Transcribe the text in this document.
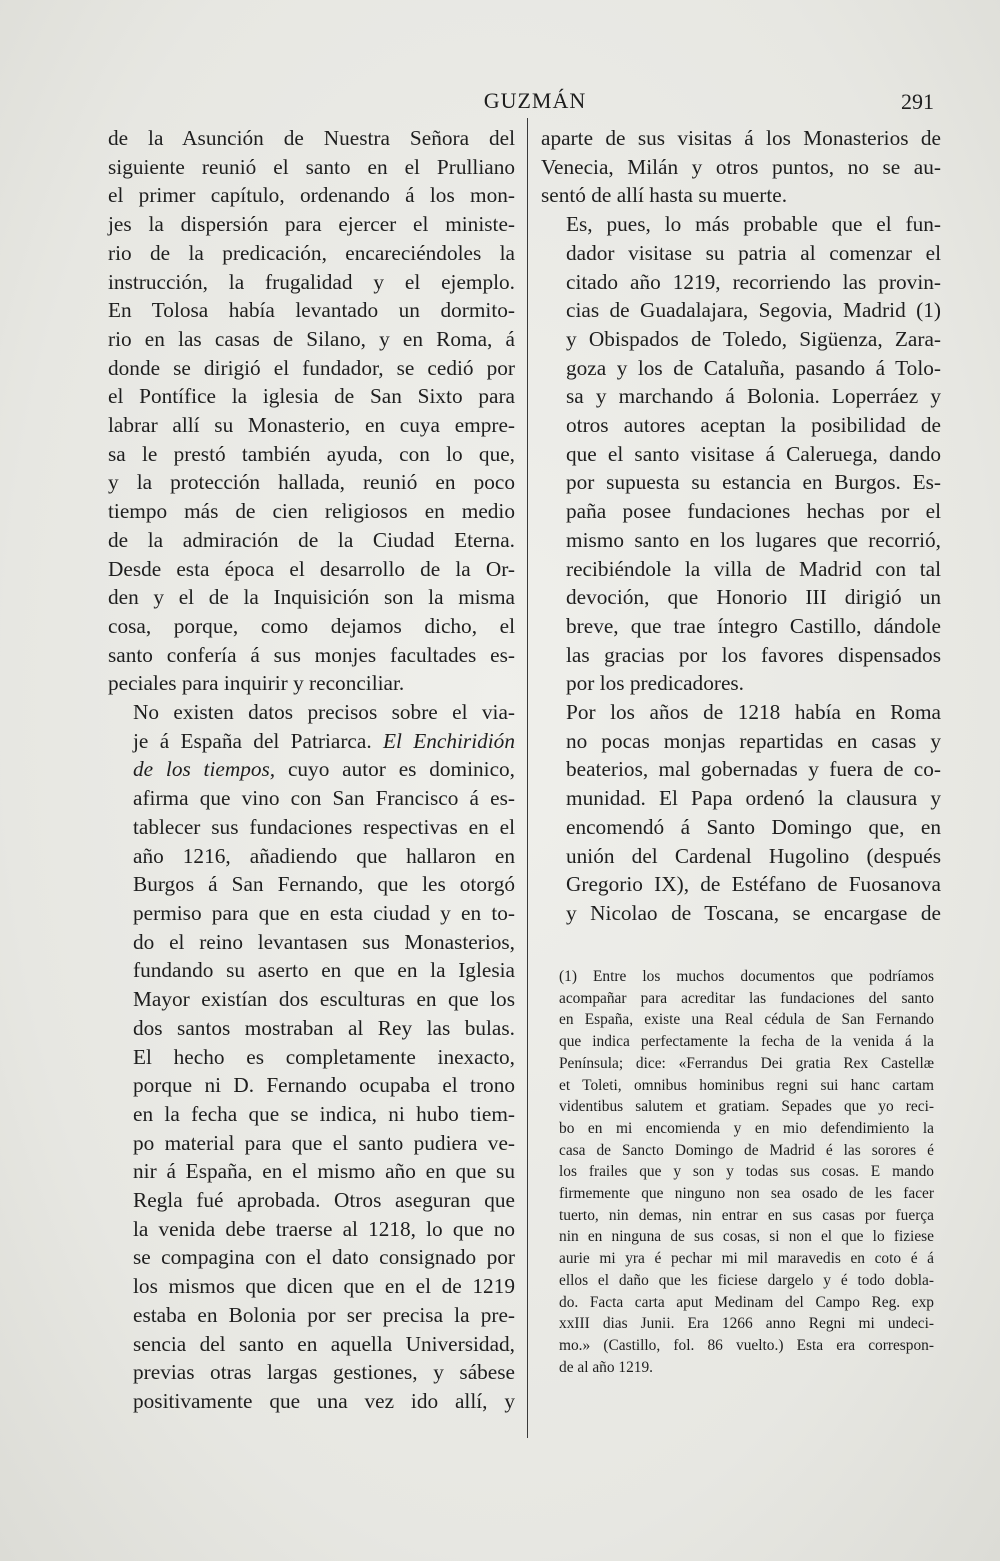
GUZMÁN	291

de la Asunción de Nuestra Señora del
siguiente reunió el santo en el Prulliano
el primer capítulo, ordenando á los mon-
jes la dispersión para ejercer el ministe-
rio de la predicación, encareciéndoles la
instrucción, la frugalidad y el ejemplo.
En Tolosa había levantado un dormito-
rio en las casas de Silano, y en Roma, á
donde se dirigió el fundador, se cedió por
el Pontífice la iglesia de San Sixto para
labrar allí su Monasterio, en cuya empre-
sa le prestó también ayuda, con lo que,
y la protección hallada, reunió en poco
tiempo más de cien religiosos en medio
de la admiración de la Ciudad Eterna.
Desde esta época el desarrollo de la Or-
den y el de la Inquisición son la misma
cosa, porque, como dejamos dicho, el
santo confería á sus monjes facultades es-
peciales para inquirir y reconciliar.

No existen datos precisos sobre el via-
je á España del Patriarca. El Enchiridión
de los tiempos, cuyo autor es dominico,
afirma que vino con San Francisco á es-
tablecer sus fundaciones respectivas en el
año 1216, añadiendo que hallaron en
Burgos á San Fernando, que les otorgó
permiso para que en esta ciudad y en to-
do el reino levantasen sus Monasterios,
fundando su aserto en que en la Iglesia
Mayor existían dos esculturas en que los
dos santos mostraban al Rey las bulas.
El hecho es completamente inexacto,
porque ni D. Fernando ocupaba el trono
en la fecha que se indica, ni hubo tiem-
po material para que el santo pudiera ve-
nir á España, en el mismo año en que su
Regla fué aprobada. Otros aseguran que
la venida debe traerse al 1218, lo que no
se compagina con el dato consignado por
los mismos que dicen que en el de 1219
estaba en Bolonia por ser precisa la pre-
sencia del santo en aquella Universidad,
previas otras largas gestiones, y sábese
positivamente que una vez ido allí, y

aparte de sus visitas á los Monasterios de
Venecia, Milán y otros puntos, no se au-
sentó de allí hasta su muerte.

Es, pues, lo más probable que el fun-
dador visitase su patria al comenzar el
citado año 1219, recorriendo las provin-
cias de Guadalajara, Segovia, Madrid (1)
y Obispados de Toledo, Sigüenza, Zara-
goza y los de Cataluña, pasando á Tolo-
sa y marchando á Bolonia. Loperráez y
otros autores aceptan la posibilidad de
que el santo visitase á Caleruega, dando
por supuesta su estancia en Burgos. Es-
paña posee fundaciones hechas por el
mismo santo en los lugares que recorrió,
recibiéndole la villa de Madrid con tal
devoción, que Honorio III dirigió un
breve, que trae íntegro Castillo, dándole
las gracias por los favores dispensados
por los predicadores.

Por los años de 1218 había en Roma
no pocas monjas repartidas en casas y
beaterios, mal gobernadas y fuera de co-
munidad. El Papa ordenó la clausura y
encomendó á Santo Domingo que, en
unión del Cardenal Hugolino (después
Gregorio IX), de Estéfano de Fuosanova
y Nicolao de Toscana, se encargase de

(1) Entre los muchos documentos que podríamos
acompañar para acreditar las fundaciones del santo
en España, existe una Real cédula de San Fernando
que indica perfectamente la fecha de la venida á la
Península; dice: «Ferrandus Dei gratia Rex Castellæ
et Toleti, omnibus hominibus regni sui hanc cartam
videntibus salutem et gratiam. Sepades que yo reci-
bo en mi encomienda y en mio defendimiento la
casa de Sancto Domingo de Madrid é las sorores é
los frailes que y son y todas sus cosas. E mando
firmemente que ninguno non sea osado de les facer
tuerto, nin demas, nin entrar en sus casas por fuerça
nin en ninguna de sus cosas, si non el que lo fiziese
aurie mi yra é pechar mi mil maravedis en coto é á
ellos el daño que les ficiese dargelo y é todo dobla-
do. Facta carta aput Medinam del Campo Reg. exp
xxIII dias Junii. Era 1266 anno Regni mi undeci-
mo.» (Castillo, fol. 86 vuelto.) Esta era correspon-
de al año 1219.
